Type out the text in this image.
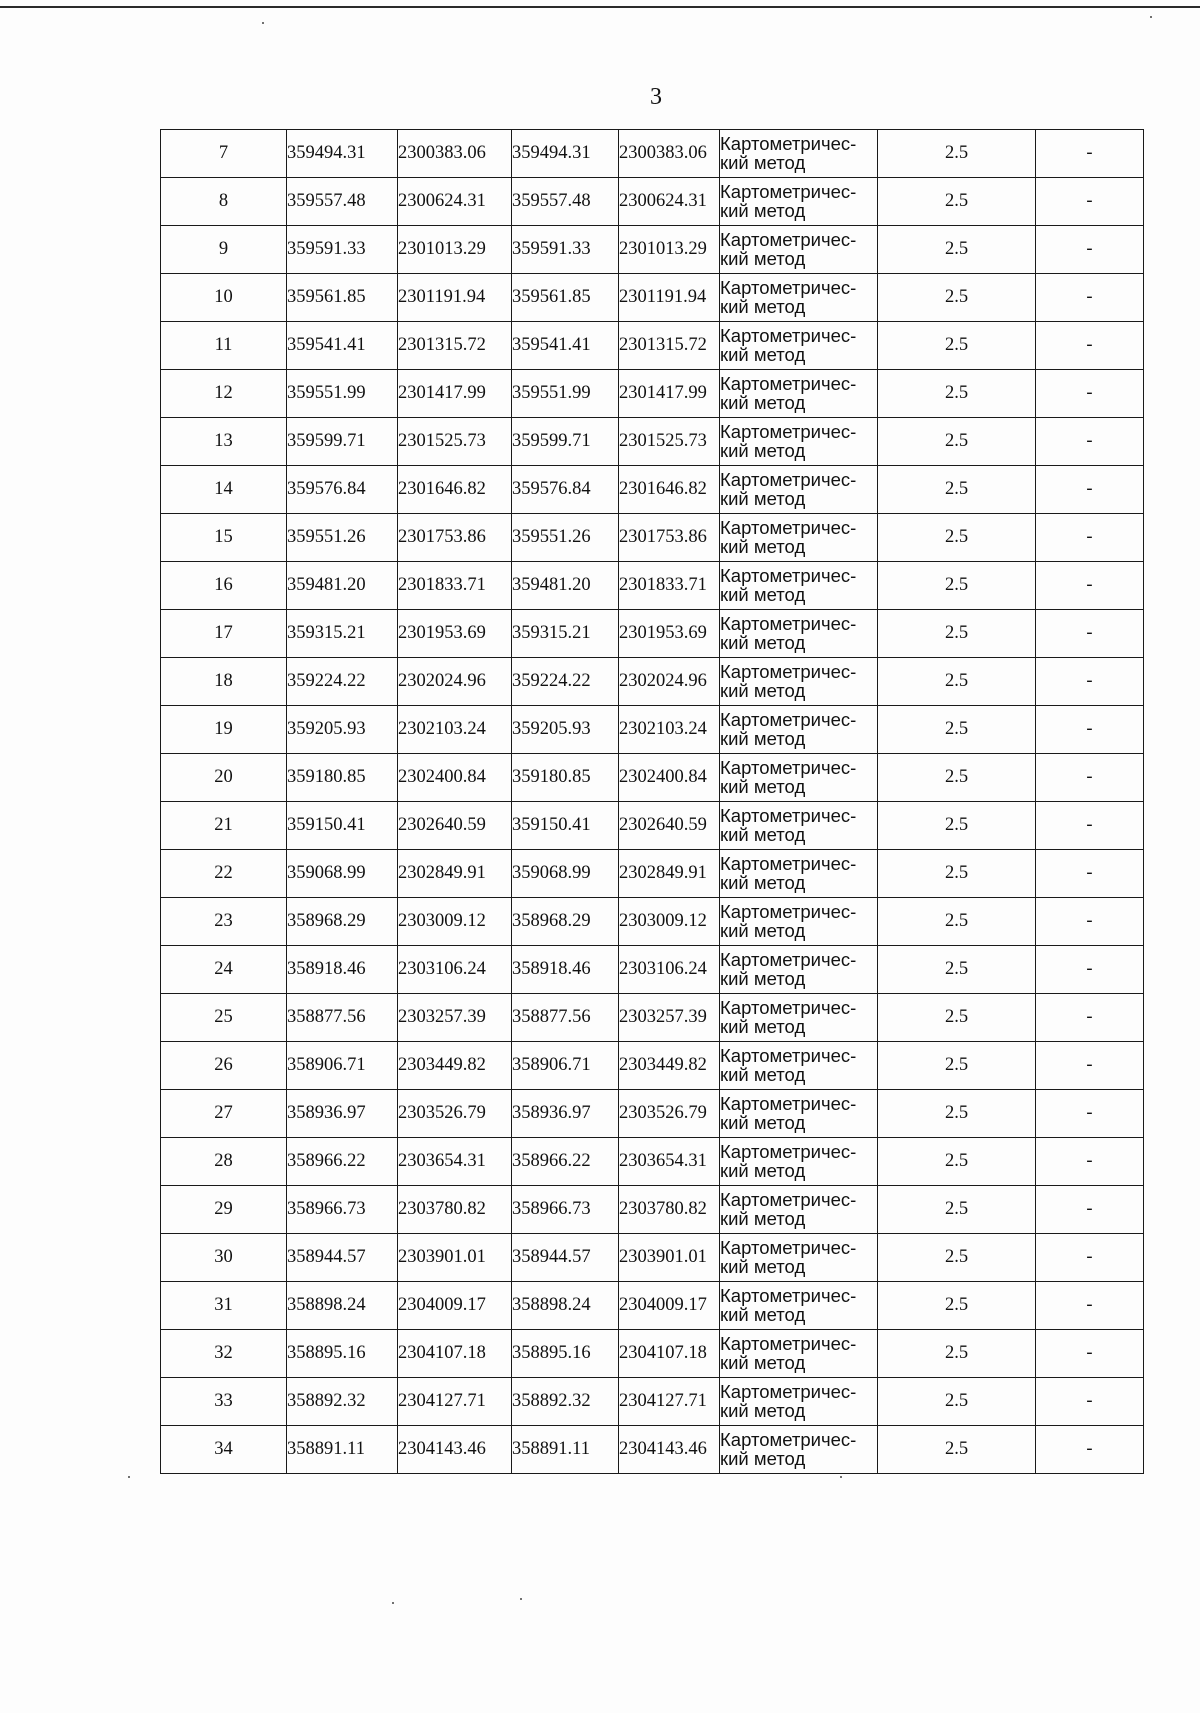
3
7	359494.31	2300383.06	359494.31	2300383.06	Картометричес-
кий метод	2.5	-
8	359557.48	2300624.31	359557.48	2300624.31	Картометричес-
кий метод	2.5	-
9	359591.33	2301013.29	359591.33	2301013.29	Картометричес-
кий метод	2.5	-
10	359561.85	2301191.94	359561.85	2301191.94	Картометричес-
кий метод	2.5	-
11	359541.41	2301315.72	359541.41	2301315.72	Картометричес-
кий метод	2.5	-
12	359551.99	2301417.99	359551.99	2301417.99	Картометричес-
кий метод	2.5	-
13	359599.71	2301525.73	359599.71	2301525.73	Картометричес-
кий метод	2.5	-
14	359576.84	2301646.82	359576.84	2301646.82	Картометричес-
кий метод	2.5	-
15	359551.26	2301753.86	359551.26	2301753.86	Картометричес-
кий метод	2.5	-
16	359481.20	2301833.71	359481.20	2301833.71	Картометричес-
кий метод	2.5	-
17	359315.21	2301953.69	359315.21	2301953.69	Картометричес-
кий метод	2.5	-
18	359224.22	2302024.96	359224.22	2302024.96	Картометричес-
кий метод	2.5	-
19	359205.93	2302103.24	359205.93	2302103.24	Картометричес-
кий метод	2.5	-
20	359180.85	2302400.84	359180.85	2302400.84	Картометричес-
кий метод	2.5	-
21	359150.41	2302640.59	359150.41	2302640.59	Картометричес-
кий метод	2.5	-
22	359068.99	2302849.91	359068.99	2302849.91	Картометричес-
кий метод	2.5	-
23	358968.29	2303009.12	358968.29	2303009.12	Картометричес-
кий метод	2.5	-
24	358918.46	2303106.24	358918.46	2303106.24	Картометричес-
кий метод	2.5	-
25	358877.56	2303257.39	358877.56	2303257.39	Картометричес-
кий метод	2.5	-
26	358906.71	2303449.82	358906.71	2303449.82	Картометричес-
кий метод	2.5	-
27	358936.97	2303526.79	358936.97	2303526.79	Картометричес-
кий метод	2.5	-
28	358966.22	2303654.31	358966.22	2303654.31	Картометричес-
кий метод	2.5	-
29	358966.73	2303780.82	358966.73	2303780.82	Картометричес-
кий метод	2.5	-
30	358944.57	2303901.01	358944.57	2303901.01	Картометричес-
кий метод	2.5	-
31	358898.24	2304009.17	358898.24	2304009.17	Картометричес-
кий метод	2.5	-
32	358895.16	2304107.18	358895.16	2304107.18	Картометричес-
кий метод	2.5	-
33	358892.32	2304127.71	358892.32	2304127.71	Картометричес-
кий метод	2.5	-
34	358891.11	2304143.46	358891.11	2304143.46	Картометричес-
кий метод	2.5	-
